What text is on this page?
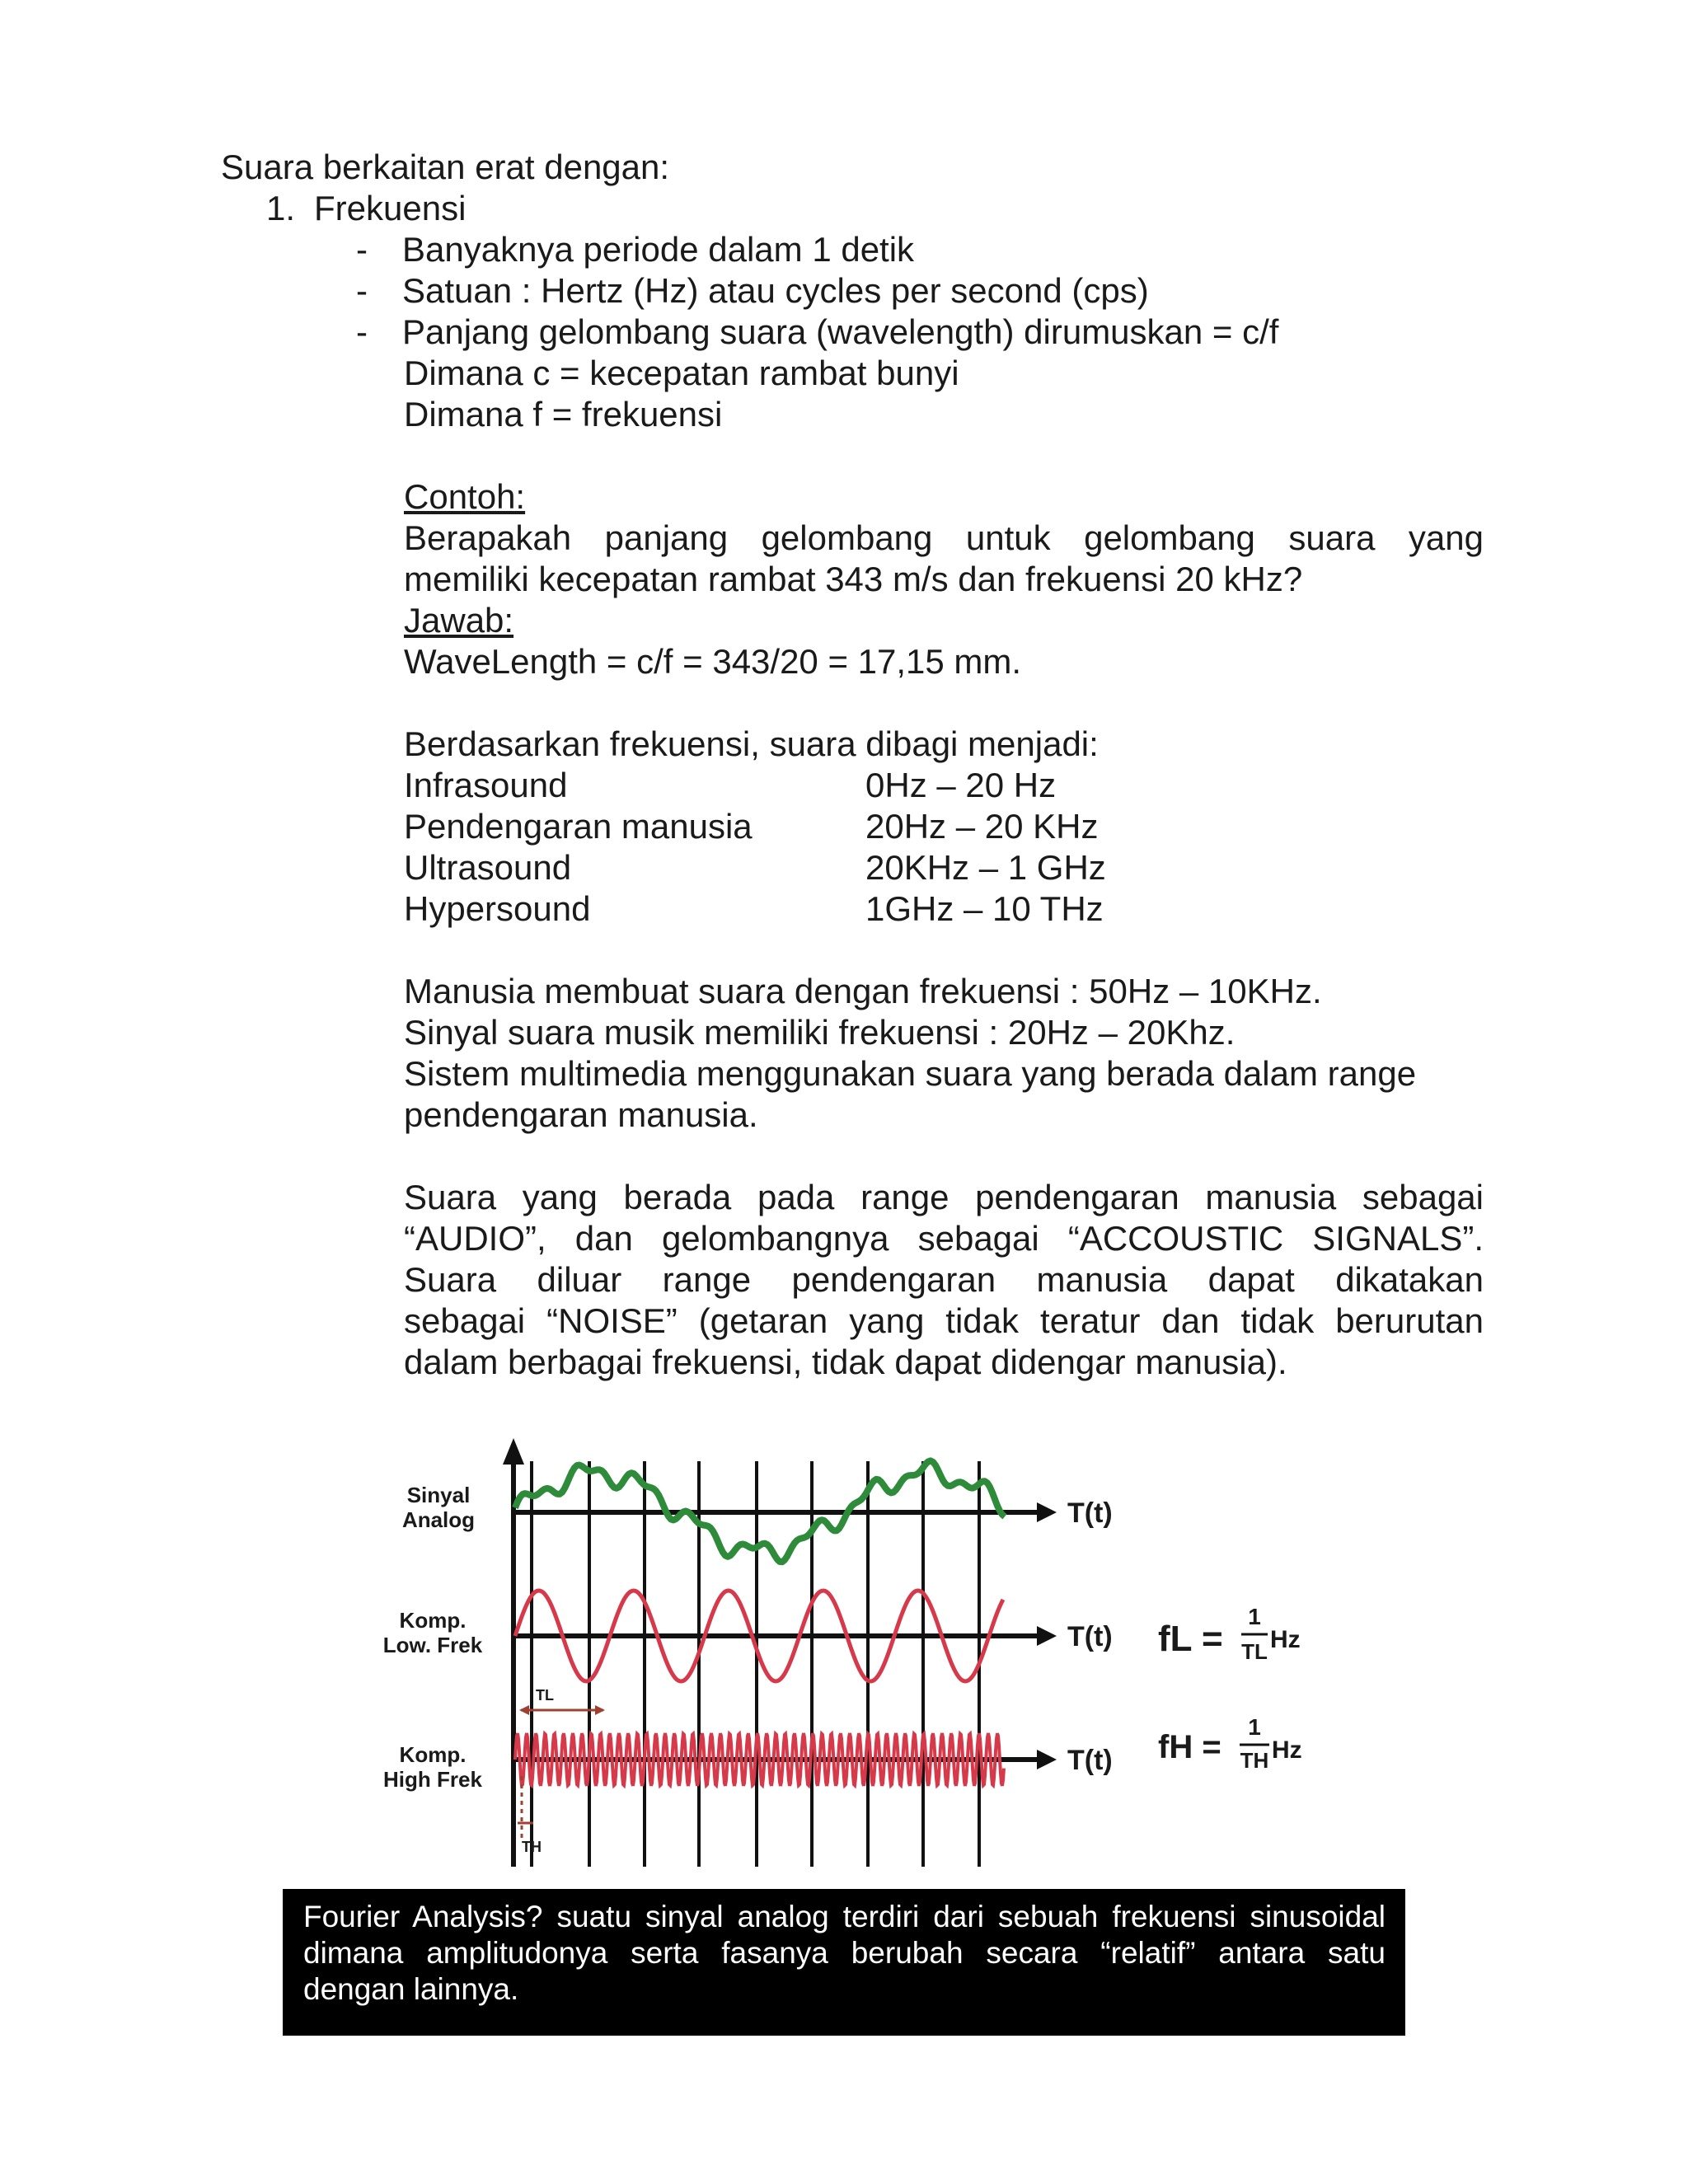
Suara berkaitan erat dengan:
1. Frekuensi
- Banyaknya periode dalam 1 detik
- Satuan : Hertz (Hz) atau cycles per second (cps)
- Panjang gelombang suara (wavelength) dirumuskan = c/f
Dimana c = kecepatan rambat bunyi
Dimana f = frekuensi
Contoh:
Berapakah panjang gelombang untuk gelombang suara yang
memiliki kecepatan rambat 343 m/s dan frekuensi 20 kHz?
Jawab:
WaveLength = c/f = 343/20 = 17,15 mm.
Berdasarkan frekuensi, suara dibagi menjadi:
Infrasound	0Hz – 20 Hz
Pendengaran manusia	20Hz – 20 KHz
Ultrasound	20KHz – 1 GHz
Hypersound	1GHz – 10 THz
Manusia membuat suara dengan frekuensi : 50Hz – 10KHz.
Sinyal suara musik memiliki frekuensi : 20Hz – 20Khz.
Sistem multimedia menggunakan suara yang berada dalam range
pendengaran manusia.
Suara yang berada pada range pendengaran manusia sebagai
“AUDIO”, dan gelombangnya sebagai “ACCOUSTIC SIGNALS”.
Suara diluar range pendengaran manusia dapat dikatakan
sebagai “NOISE” (getaran yang tidak teratur dan tidak berurutan
dalam berbagai frekuensi, tidak dapat didengar manusia).
Sinyal
Analog
Komp.
Low. Frek
Komp.
High Frek
T(t)
T(t)
T(t)
TL
TH
fL =
1
TL Hz
fH =
1
TH Hz
Fourier Analysis? suatu sinyal analog terdiri dari sebuah frekuensi sinusoidal
dimana amplitudonya serta fasanya berubah secara “relatif” antara satu
dengan lainnya.
